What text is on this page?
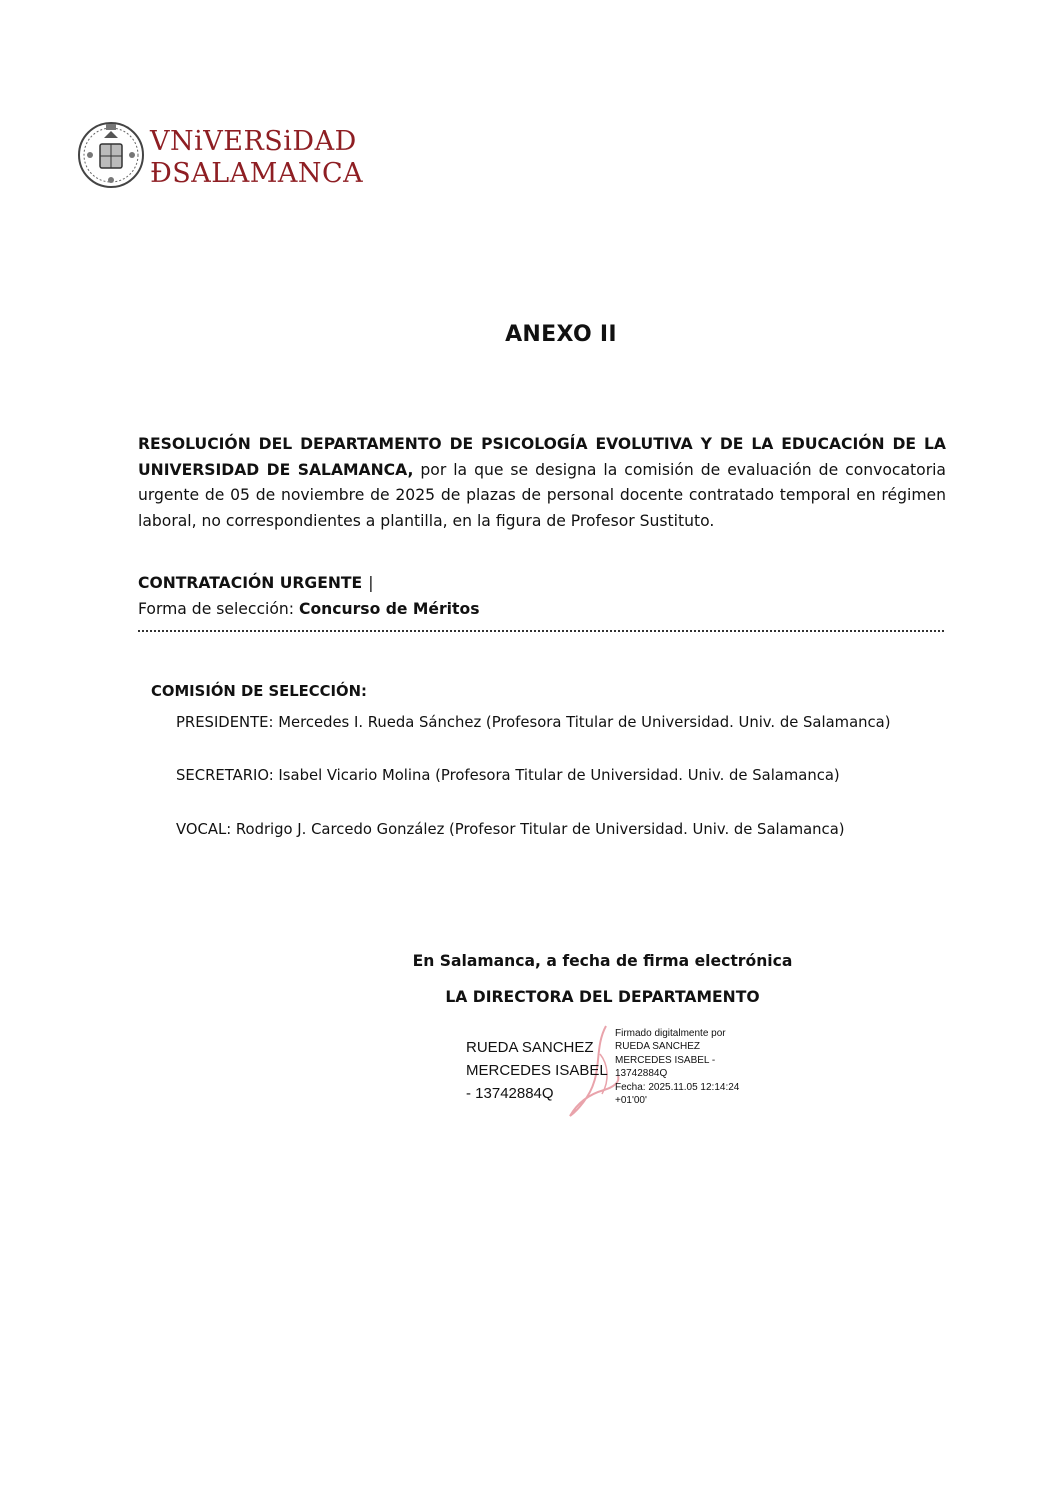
VNiVERSiDAD
ÐSALAMANCA
ANEXO II
RESOLUCIÓN DEL DEPARTAMENTO DE PSICOLOGÍA EVOLUTIVA Y DE LA EDUCACIÓN DE LA UNIVERSIDAD DE SALAMANCA, por la que se designa la comisión de evaluación de convocatoria urgente de 05 de noviembre de 2025 de plazas de personal docente contratado temporal en régimen laboral, no correspondientes a plantilla, en la figura de Profesor Sustituto.
CONTRATACIÓN URGENTE |
Forma de selección: Concurso de Méritos
COMISIÓN DE SELECCIÓN:
PRESIDENTE: Mercedes I. Rueda Sánchez (Profesora Titular de Universidad. Univ. de Salamanca)
SECRETARIO: Isabel Vicario Molina (Profesora Titular de Universidad. Univ. de Salamanca)
VOCAL: Rodrigo J. Carcedo González (Profesor Titular de Universidad. Univ. de Salamanca)
En Salamanca, a fecha de firma electrónica
LA DIRECTORA DEL DEPARTAMENTO
RUEDA SANCHEZ
MERCEDES ISABEL
- 13742884Q
Firmado digitalmente por
RUEDA SANCHEZ
MERCEDES ISABEL -
13742884Q
Fecha: 2025.11.05 12:14:24
+01'00'
